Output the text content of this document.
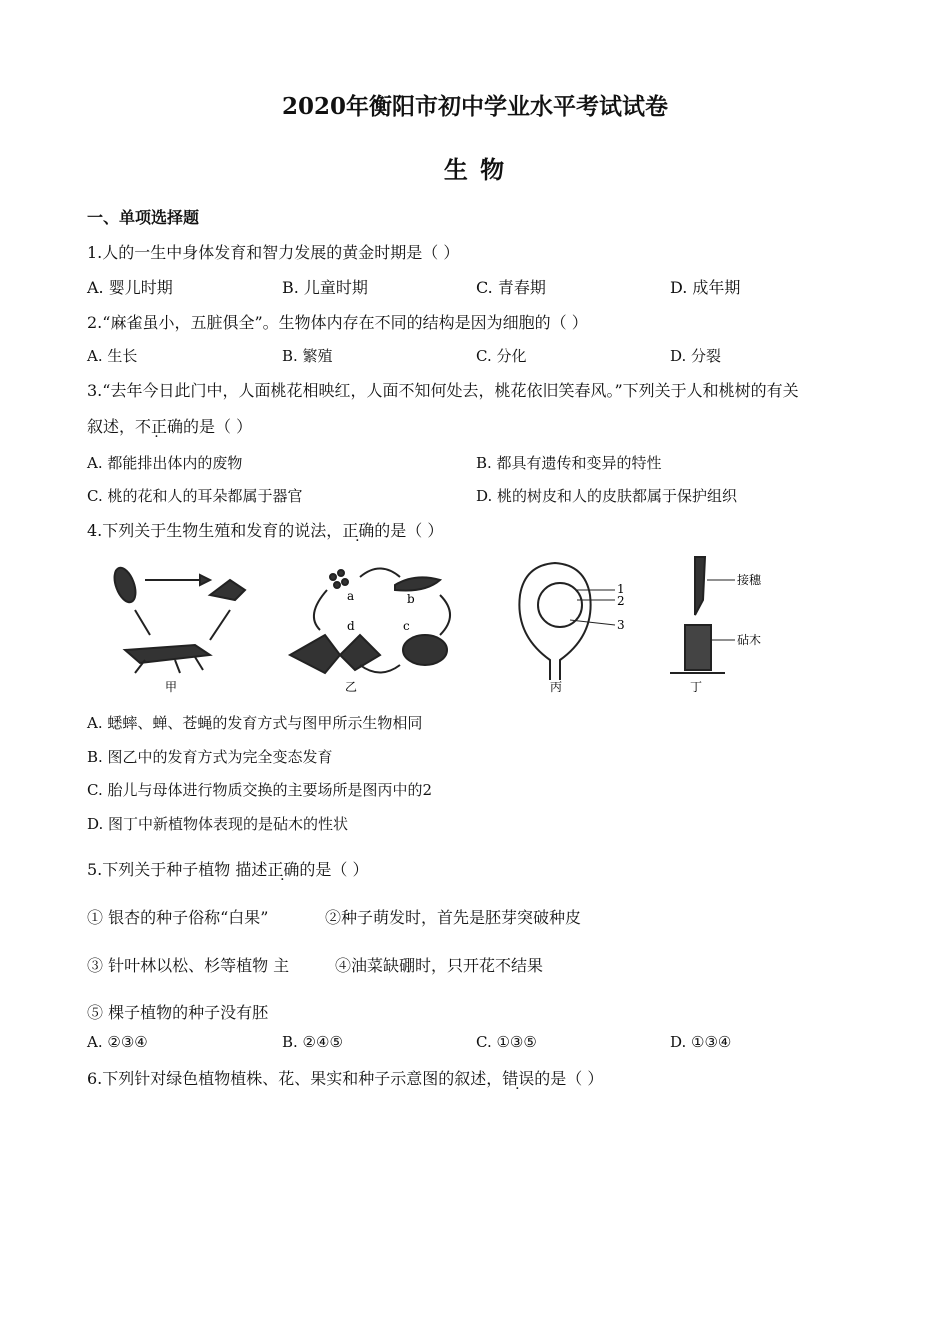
2020年衡阳市初中学业水平考试试卷
生 物
一、单项选择题
1.人的一生中身体发育和智力发展的黄金时期是（ ）
A. 婴儿时期	B. 儿童时期	C. 青春期	D. 成年期
2.“麻雀虽小，五脏俱全”。生物体内存在不同的结构是因为细胞的（ ）
A. 生长	B. 繁殖	C. 分化	D. 分裂
3.“去年今日此门中，人面桃花相映红，人面不知何处去，桃花依旧笑春风。”下列关于人和桃树的有关
叙述，不正确的是（ ）
A. 都能排出体内的废物	B. 都具有遗传和变异的特性
C. 桃的花和人的耳朵都属于器官	D. 桃的树皮和人的皮肤都属于保护组织
4.下列关于生物生殖和发育的说法，正确的是（ ）
甲	乙	丙	丁
a	b
c
d
1
2
3
接穗
砧木
A. 蟋蟀、蝉、苍蝇的发育方式与图甲所示生物相同
B. 图乙中的发育方式为完全变态发育
C. 胎儿与母体进行物质交换的主要场所是图丙中的2
D. 图丁中新植物体表现的是砧木的性状
5.下列关于种子植物 描述正确的是（ ）
① 银杏的种子俗称“白果”	②种子萌发时，首先是胚芽突破种皮
③ 针叶林以松、杉等植物 主	④油菜缺硼时，只开花不结果
⑤ 棵子植物的种子没有胚
A. ②③④	B. ②④⑤	C. ①③⑤	D. ①③④
6.下列针对绿色植物植株、花、果实和种子示意图的叙述，错误的是（ ）
